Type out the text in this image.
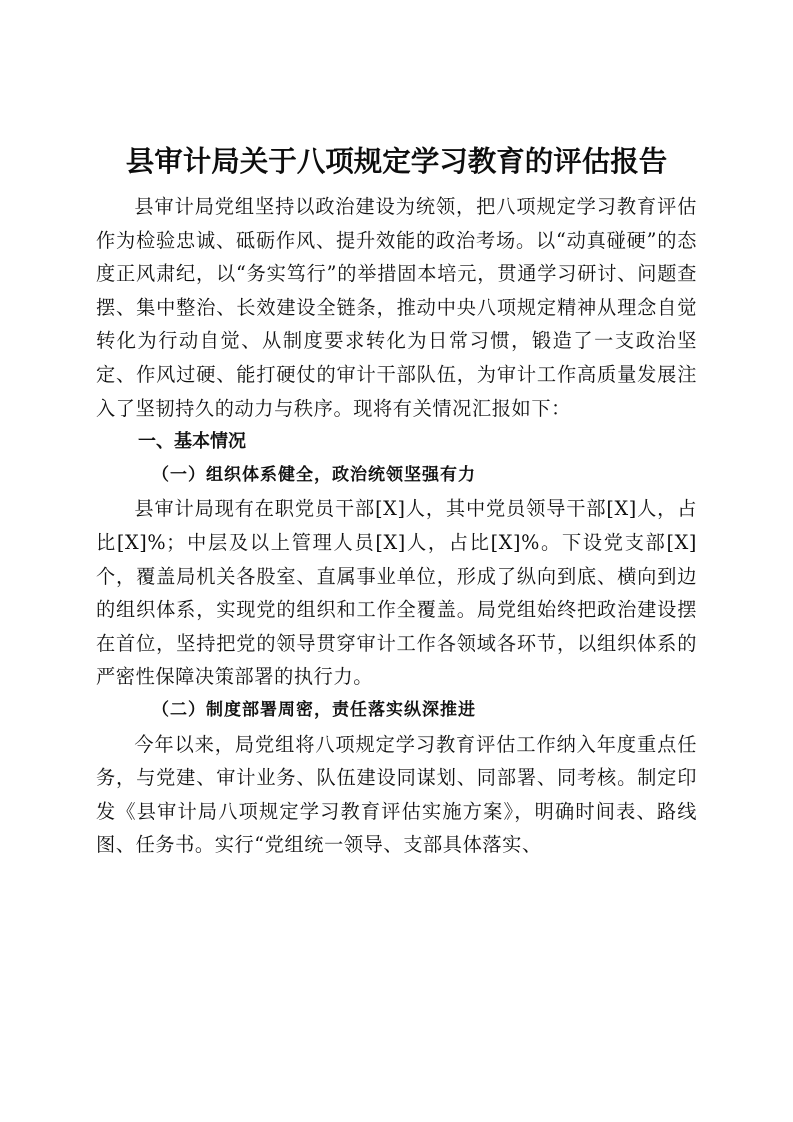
县审计局关于八项规定学习教育的评估报告

县审计局党组坚持以政治建设为统领，把八项规定学习教育评估作为检验忠诚、砥砺作风、提升效能的政治考场。以“动真碰硬”的态度正风肃纪，以“务实笃行”的举措固本培元，贯通学习研讨、问题查摆、集中整治、长效建设全链条，推动中央八项规定精神从理念自觉转化为行动自觉、从制度要求转化为日常习惯，锻造了一支政治坚定、作风过硬、能打硬仗的审计干部队伍，为审计工作高质量发展注入了坚韧持久的动力与秩序。现将有关情况汇报如下：

一、基本情况

（一）组织体系健全，政治统领坚强有力

县审计局现有在职党员干部[X]人，其中党员领导干部[X]人，占比[X]%；中层及以上管理人员[X]人，占比[X]%。下设党支部[X]个，覆盖局机关各股室、直属事业单位，形成了纵向到底、横向到边的组织体系，实现党的组织和工作全覆盖。局党组始终把政治建设摆在首位，坚持把党的领导贯穿审计工作各领域各环节，以组织体系的严密性保障决策部署的执行力。

（二）制度部署周密，责任落实纵深推进

今年以来，局党组将八项规定学习教育评估工作纳入年度重点任务，与党建、审计业务、队伍建设同谋划、同部署、同考核。制定印发《县审计局八项规定学习教育评估实施方案》，明确时间表、路线图、任务书。实行“党组统一领导、支部具体落实、
